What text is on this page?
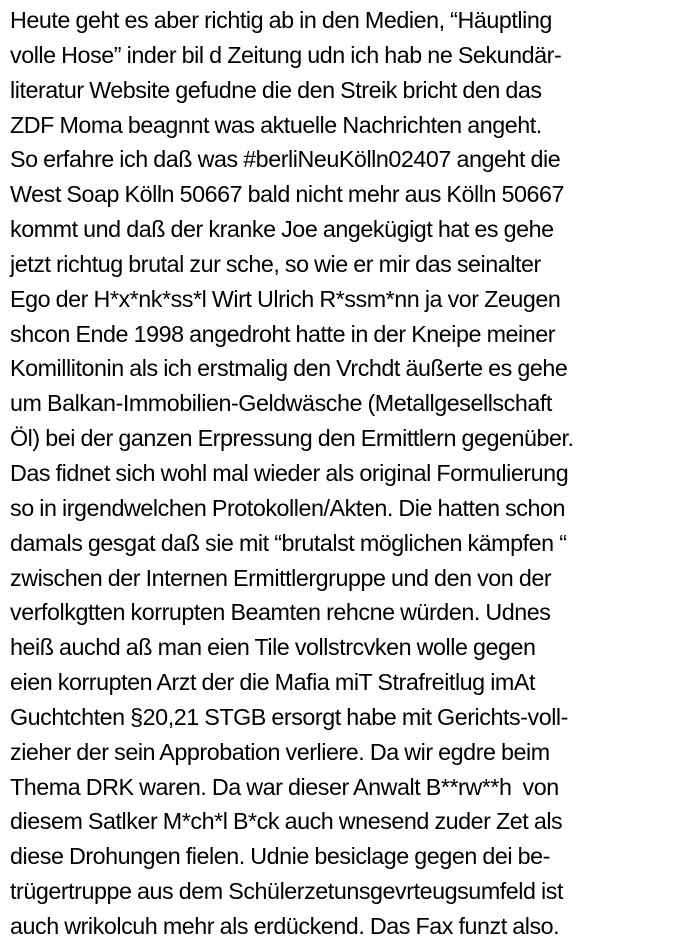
Heute geht es aber richtig ab in den Medien, “Häuptling
volle Hose” inder bil d Zeitung udn ich hab ne Sekundär-
literatur Website gefudne die den Streik bricht den das
ZDF Moma beagnnt was aktuelle Nachrichten angeht.
So erfahre ich daß was #berliNeuKölln02407 angeht die
West Soap Kölln 50667 bald nicht mehr aus Kölln 50667
kommt und daß der kranke Joe angekügigt hat es gehe
jetzt richtug brutal zur sche, so wie er mir das seinalter
Ego der H*x*nk*ss*l Wirt Ulrich R*ssm*nn ja vor Zeugen
shcon Ende 1998 angedroht hatte in der Kneipe meiner
Komillitonin als ich erstmalig den Vrchdt äußerte es gehe
um Balkan-Immobilien-Geldwäsche (Metallgesellschaft
Öl) bei der ganzen Erpressung den Ermittlern gegenüber.
Das fidnet sich wohl mal wieder als original Formulierung
so in irgendwelchen Protokollen/Akten. Die hatten schon
damals gesgat daß sie mit “brutalst möglichen kämpfen “
zwischen der Internen Ermittlergruppe und den von der
verfolkgtten korrupten Beamten rehcne würden. Udnes
heiß auchd aß man eien Tile vollstrcvken wolle gegen
eien korrupten Arzt der die Mafia miT Strafreitlug imAt
Guchtchten §20,21 STGB ersorgt habe mit Gerichts-voll-
zieher der sein Approbation verliere. Da wir egdre beim
Thema DRK waren. Da war dieser Anwalt B**rw**h  von
diesem Satlker M*ch*l B*ck auch wnesend zuder Zet als
diese Drohungen fielen. Udnie besiclage gegen dei be-
trügertruppe aus dem Schülerzetunsgevrteugsumfeld ist
auch wrikolcuh mehr als erdückend. Das Fax funzt also.
